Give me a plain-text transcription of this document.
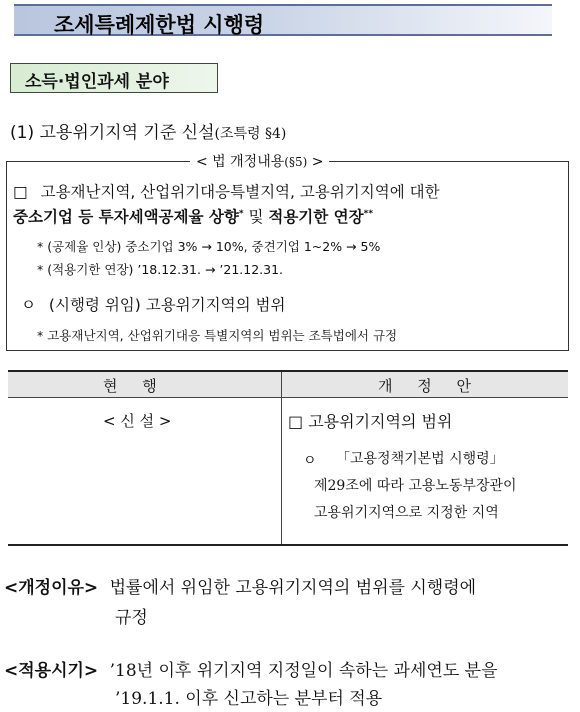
조세특례제한법 시행령
소득·법인과세 분야
(1) 고용위기지역 기준 신설(조특령 §4)
< 법 개정내용(§5) >
□ 고용재난지역, 산업위기대응특별지역, 고용위기지역에 대한
중소기업 등 투자세액공제율 상향* 및 적용기한 연장**
* (공제율 인상) 중소기업 3% → 10%, 중견기업 1~2% → 5%
* (적용기한 연장) ’18.12.31. → ’21.12.31.
ㅇ (시행령 위임) 고용위기지역의 범위
* 고용재난지역, 산업위기대응 특별지역의 범위는 조특법에서 규정
현 행	개 정 안
< 신 설 >	□ 고용위기지역의 범위
ㅇ 「고용정책기본법 시행령」
제29조에 따라 고용노동부장관이
고용위기지역으로 지정한 지역
<개정이유> 법률에서 위임한 고용위기지역의 범위를 시행령에
규정
<적용시기> ’18년 이후 위기지역 지정일이 속하는 과세연도 분을
’19.1.1. 이후 신고하는 분부터 적용
